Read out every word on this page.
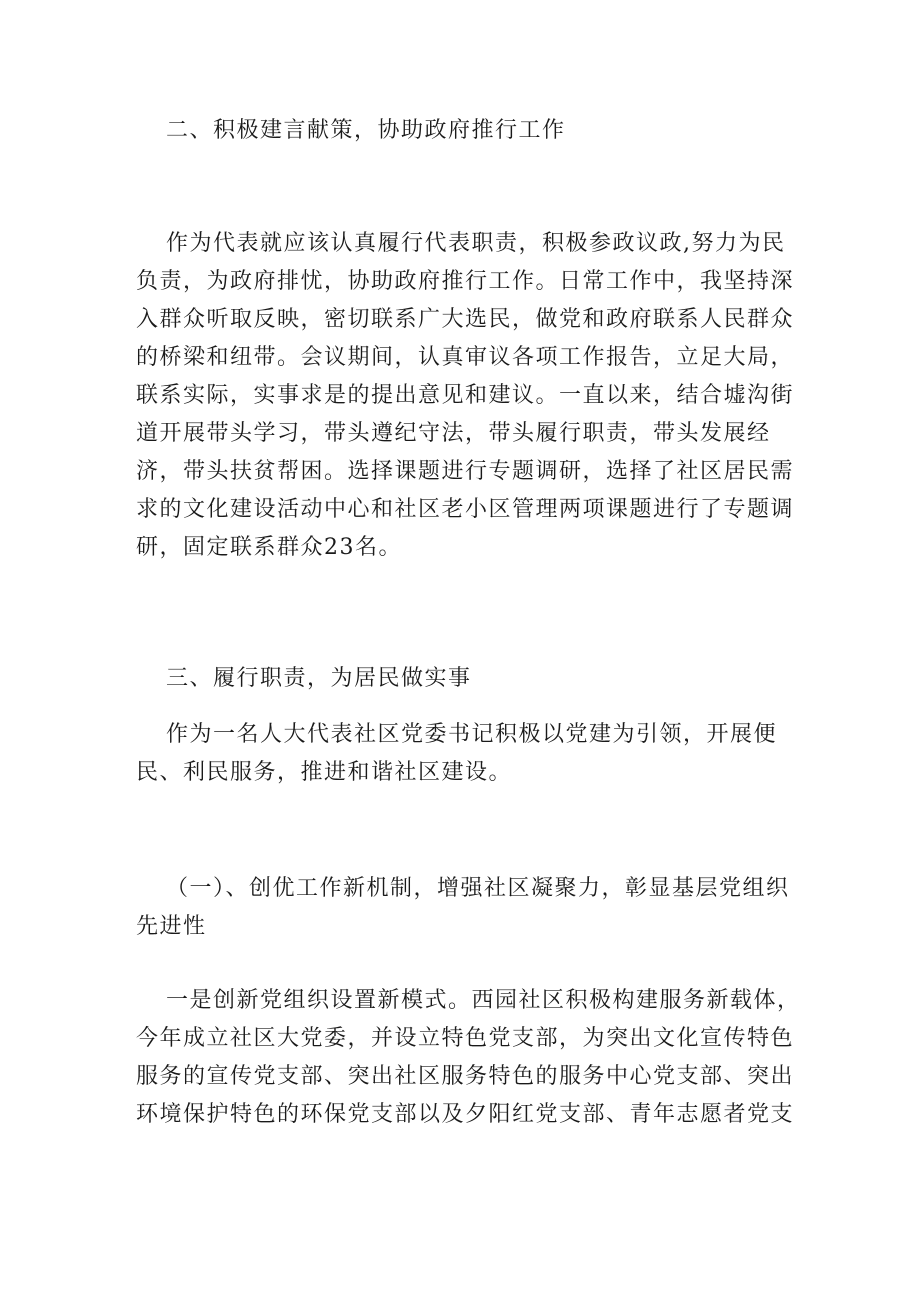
二、积极建言献策，协助政府推行工作
作为代表就应该认真履行代表职责，积极参政议政,努力为民
负责，为政府排忧，协助政府推行工作。日常工作中，我坚持深
入群众听取反映，密切联系广大选民，做党和政府联系人民群众
的桥梁和纽带。会议期间，认真审议各项工作报告，立足大局，
联系实际，实事求是的提出意见和建议。一直以来，结合墟沟街
道开展带头学习，带头遵纪守法，带头履行职责，带头发展经
济，带头扶贫帮困。选择课题进行专题调研，选择了社区居民需
求的文化建设活动中心和社区老小区管理两项课题进行了专题调
研，固定联系群众23名。
三、履行职责，为居民做实事
作为一名人大代表社区党委书记积极以党建为引领，开展便
民、利民服务，推进和谐社区建设。
（一）、创优工作新机制，增强社区凝聚力，彰显基层党组织
先进性
一是创新党组织设置新模式。西园社区积极构建服务新载体，
今年成立社区大党委，并设立特色党支部，为突出文化宣传特色
服务的宣传党支部、突出社区服务特色的服务中心党支部、突出
环境保护特色的环保党支部以及夕阳红党支部、青年志愿者党支
